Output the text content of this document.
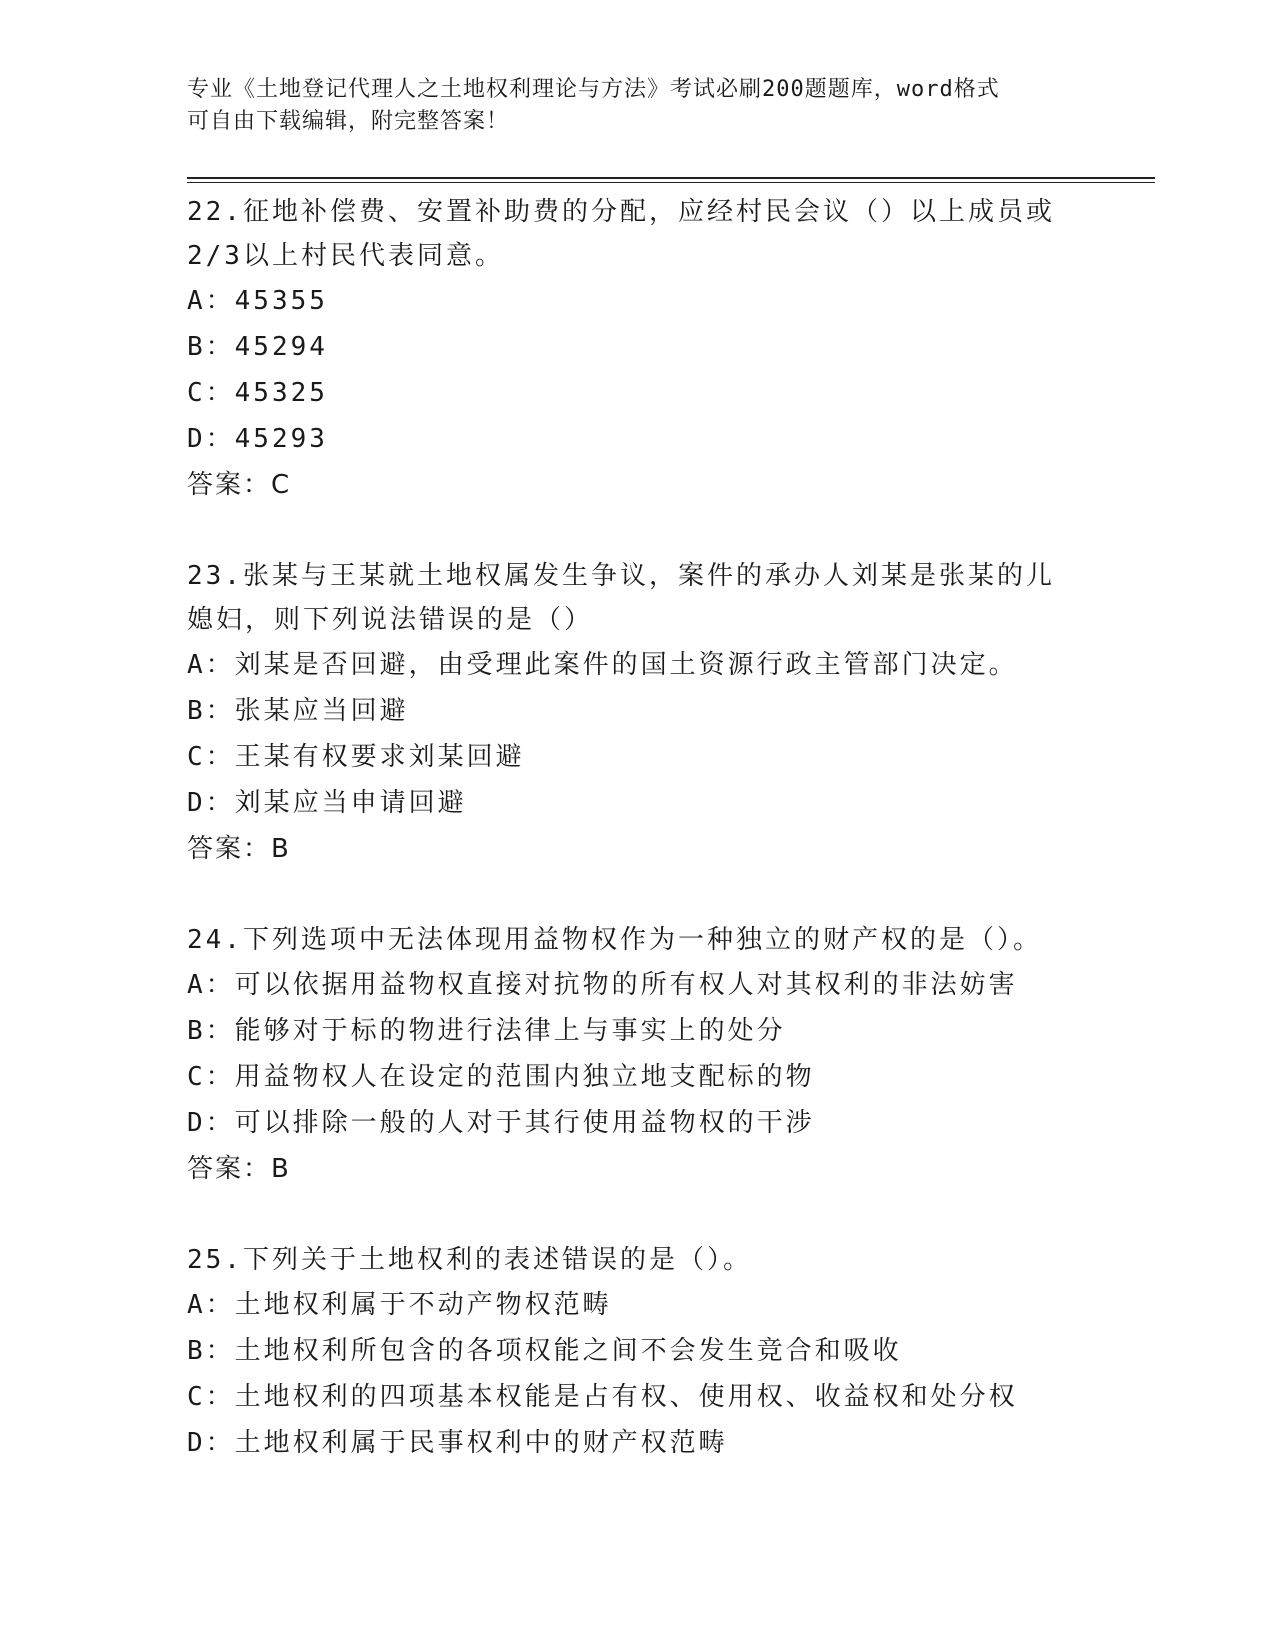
专业《土地登记代理人之土地权利理论与方法》考试必刷200题题库，word格式
可自由下载编辑，附完整答案！
22.征地补偿费、安置补助费的分配，应经村民会议（）以上成员或2/3以上村民代表同意。
A：45355
B：45294
C：45325
D：45293
答案：C
23.张某与王某就土地权属发生争议，案件的承办人刘某是张某的儿媳妇，则下列说法错误的是（）
A：刘某是否回避，由受理此案件的国土资源行政主管部门决定。
B：张某应当回避
C：王某有权要求刘某回避
D：刘某应当申请回避
答案：B
24.下列选项中无法体现用益物权作为一种独立的财产权的是（）。
A：可以依据用益物权直接对抗物的所有权人对其权利的非法妨害
B：能够对于标的物进行法律上与事实上的处分
C：用益物权人在设定的范围内独立地支配标的物
D：可以排除一般的人对于其行使用益物权的干涉
答案：B
25.下列关于土地权利的表述错误的是（）。
A：土地权利属于不动产物权范畴
B：土地权利所包含的各项权能之间不会发生竞合和吸收
C：土地权利的四项基本权能是占有权、使用权、收益权和处分权
D：土地权利属于民事权利中的财产权范畴
